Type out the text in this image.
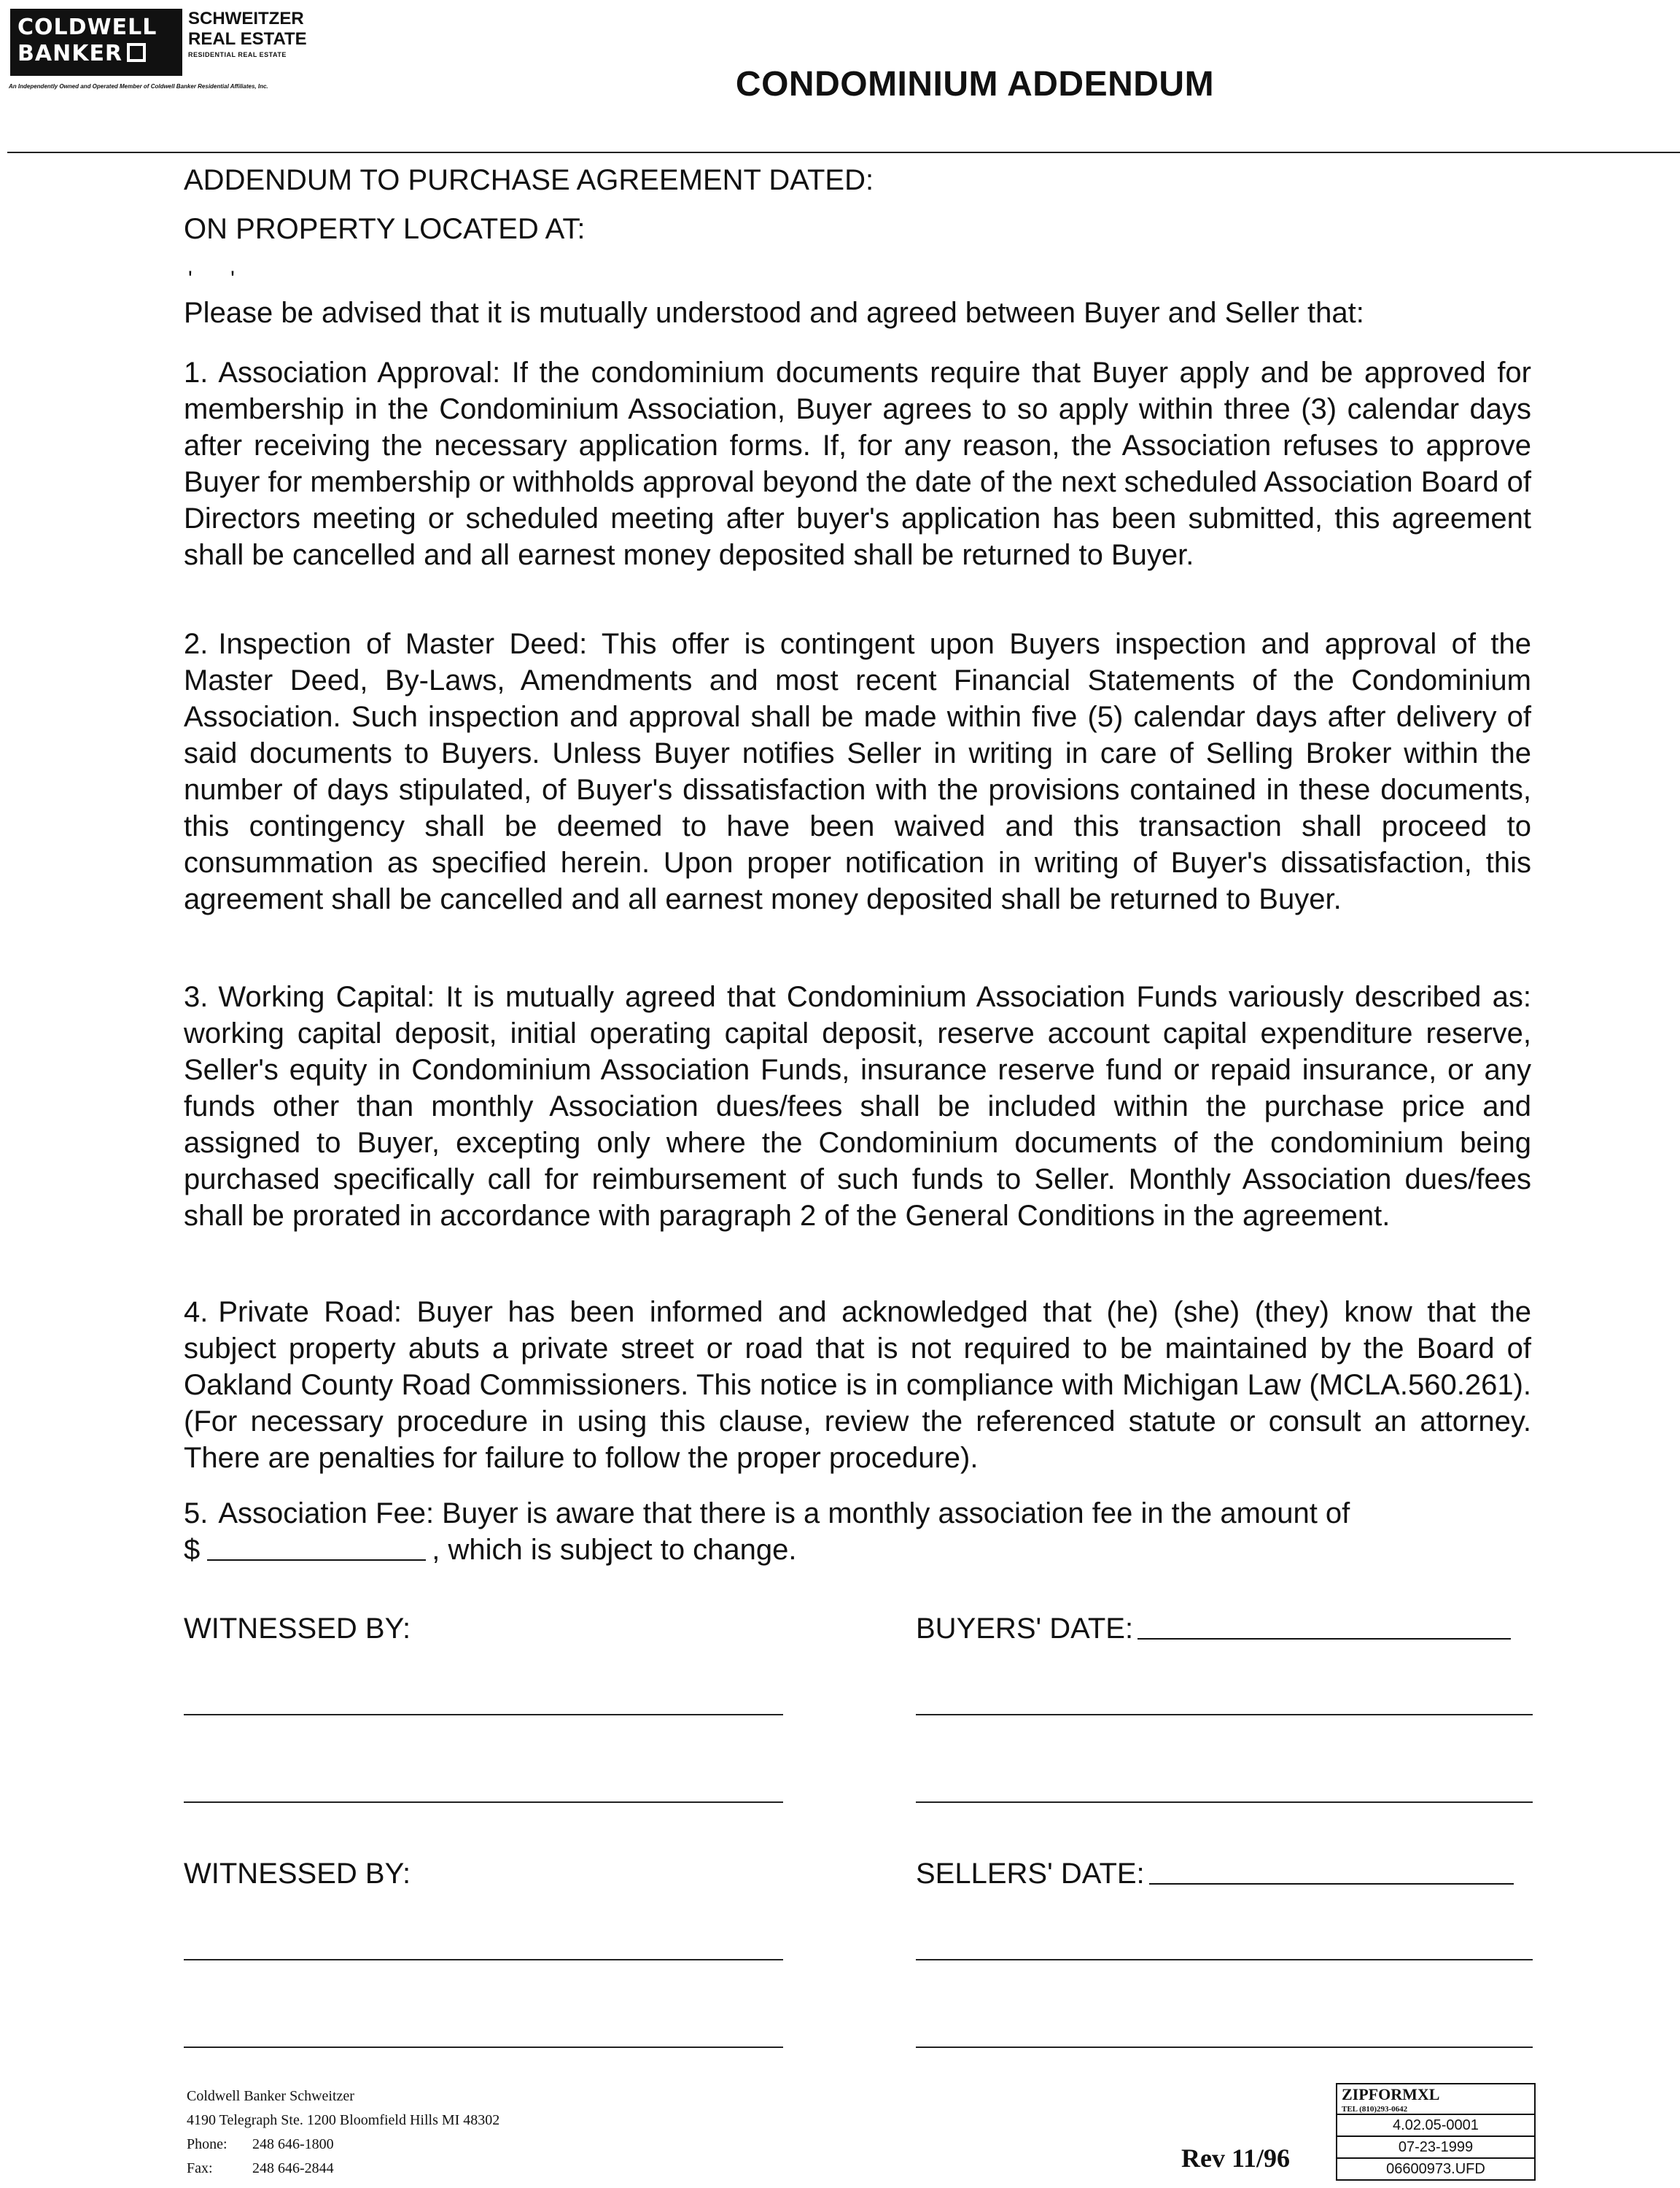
COLDWELL
BANKER
SCHWEITZER
REAL ESTATE
RESIDENTIAL REAL ESTATE
An Independently Owned and Operated Member of Coldwell Banker Residential Affiliates, Inc.	CONDOMINIUM ADDENDUM
ADDENDUM TO PURCHASE AGREEMENT DATED:
ON PROPERTY LOCATED AT:
' '
Please be advised that it is mutually understood and agreed between Buyer and Seller that:
1. Association Approval: If the condominium documents require that Buyer apply and be approved for membership in the Condominium Association, Buyer agrees to so apply within three (3) calendar days after receiving the necessary application forms. If, for any reason, the Association refuses to approve Buyer for membership or withholds approval beyond the date of the next scheduled Association Board of Directors meeting or scheduled meeting after buyer's application has been submitted, this agreement shall be cancelled and all earnest money deposited shall be returned to Buyer.
2. Inspection of Master Deed: This offer is contingent upon Buyers inspection and approval of the Master Deed, By-Laws, Amendments and most recent Financial Statements of the Condominium Association. Such inspection and approval shall be made within five (5) calendar days after delivery of said documents to Buyers. Unless Buyer notifies Seller in writing in care of Selling Broker within the number of days stipulated, of Buyer's dissatisfaction with the provisions contained in these documents, this contingency shall be deemed to have been waived and this transaction shall proceed to consummation as specified herein. Upon proper notification in writing of Buyer's dissatisfaction, this agreement shall be cancelled and all earnest money deposited shall be returned to Buyer.
3. Working Capital: It is mutually agreed that Condominium Association Funds variously described as: working capital deposit, initial operating capital deposit, reserve account capital expenditure reserve, Seller's equity in Condominium Association Funds, insurance reserve fund or repaid insurance, or any funds other than monthly Association dues/fees shall be included within the purchase price and assigned to Buyer, excepting only where the Condominium documents of the condominium being purchased specifically call for reimbursement of such funds to Seller. Monthly Association dues/fees shall be prorated in accordance with paragraph 2 of the General Conditions in the agreement.
4. Private Road: Buyer has been informed and acknowledged that (he) (she) (they) know that the subject property abuts a private street or road that is not required to be maintained by the Board of Oakland County Road Commissioners. This notice is in compliance with Michigan Law (MCLA.560.261). (For necessary procedure in using this clause, review the referenced statute or consult an attorney. There are penalties for failure to follow the proper procedure).
5. Association Fee: Buyer is aware that there is a monthly association fee in the amount of
$	, which is subject to change.
WITNESSED BY:	BUYERS' DATE:
WITNESSED BY:	SELLERS' DATE:
Coldwell Banker Schweitzer
4190 Telegraph Ste. 1200 Bloomfield Hills MI 48302
Phone: 248 646-1800
Fax:	248 646-2844	Rev 11/96
ZIPFORMXL
TEL (810)293-0642
4.02.05-0001
07-23-1999
06600973.UFD
